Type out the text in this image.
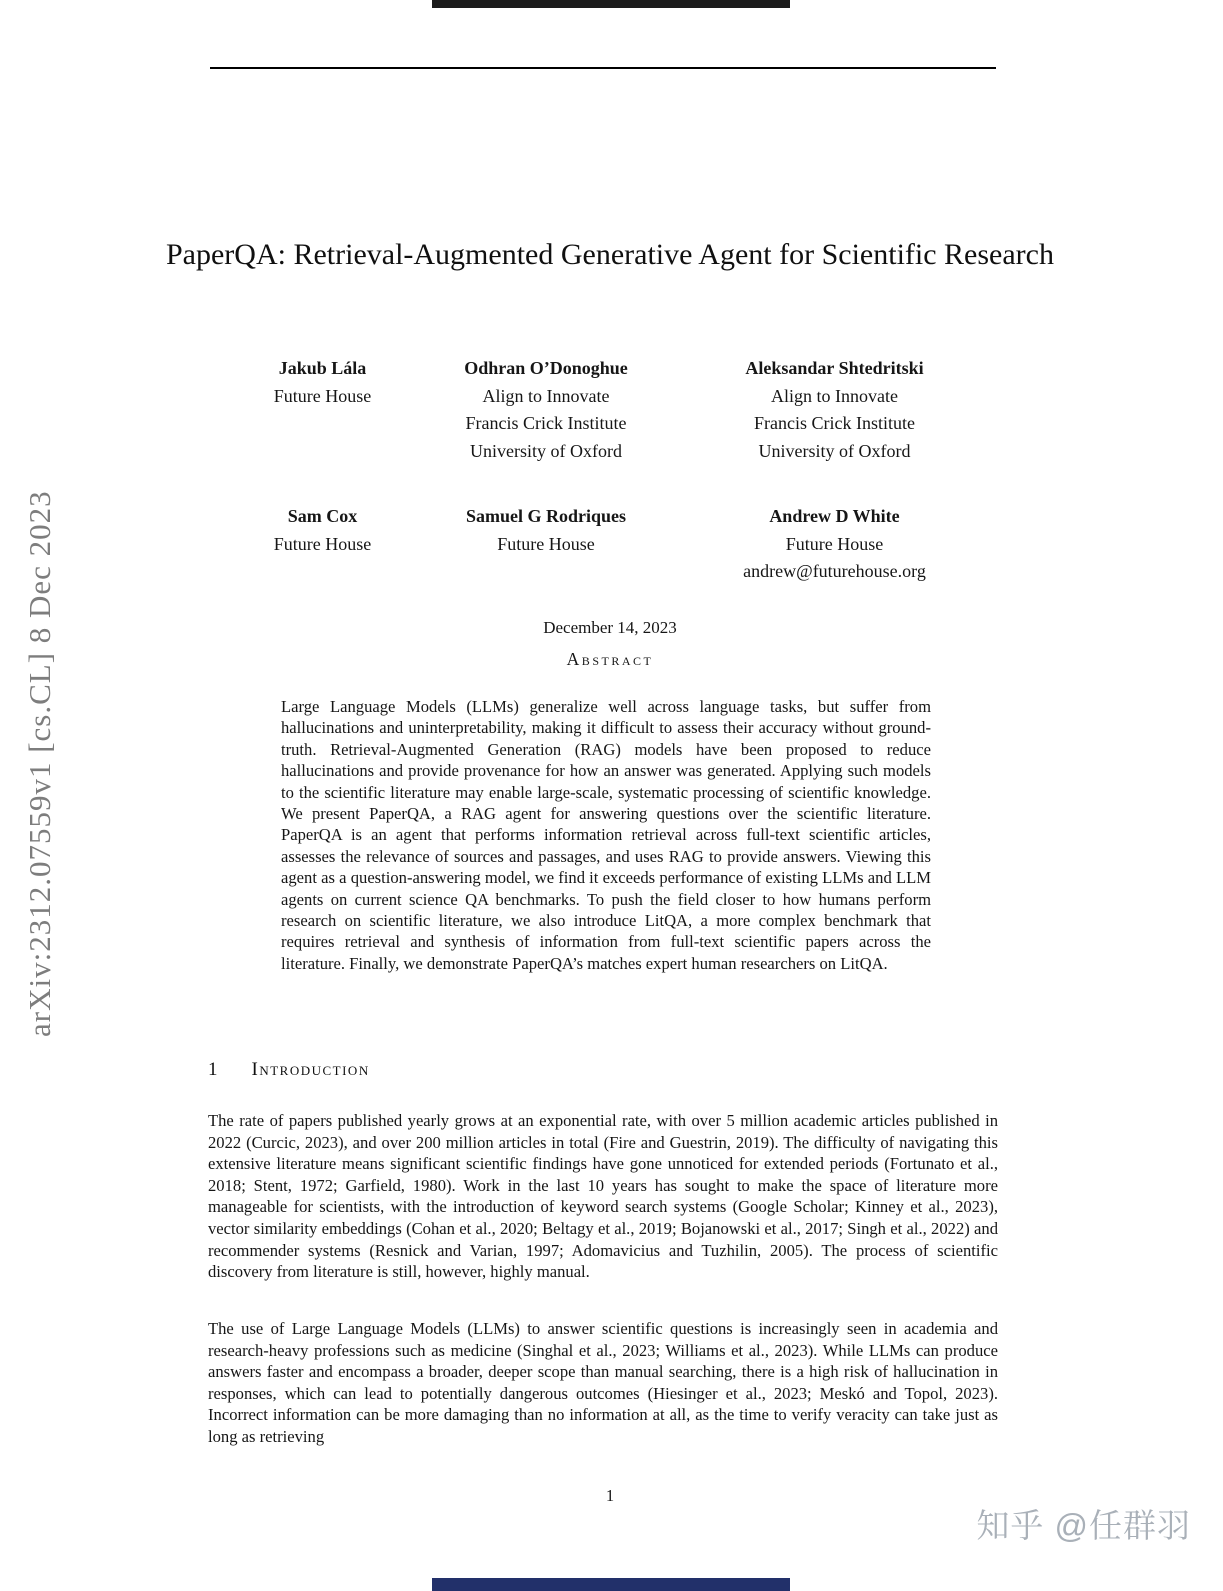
arXiv:2312.07559v1 [cs.CL] 8 Dec 2023
PaperQA: Retrieval-Augmented Generative Agent for Scientific Research
Jakub Lála
Future House
Odhran O’Donoghue
Align to Innovate
Francis Crick Institute
University of Oxford
Aleksandar Shtedritski
Align to Innovate
Francis Crick Institute
University of Oxford
Sam Cox
Future House
Samuel G Rodriques
Future House
Andrew D White
Future House
andrew@futurehouse.org
December 14, 2023
Abstract
Large Language Models (LLMs) generalize well across language tasks, but suffer from hallucinations and uninterpretability, making it difficult to assess their accuracy without ground-truth. Retrieval-Augmented Generation (RAG) models have been proposed to reduce hallucinations and provide provenance for how an answer was generated. Applying such models to the scientific literature may enable large-scale, systematic processing of scientific knowledge. We present PaperQA, a RAG agent for answering questions over the scientific literature. PaperQA is an agent that performs information retrieval across full-text scientific articles, assesses the relevance of sources and passages, and uses RAG to provide answers. Viewing this agent as a question-answering model, we find it exceeds performance of existing LLMs and LLM agents on current science QA benchmarks. To push the field closer to how humans perform research on scientific literature, we also introduce LitQA, a more complex benchmark that requires retrieval and synthesis of information from full-text scientific papers across the literature. Finally, we demonstrate PaperQA’s matches expert human researchers on LitQA.
1 Introduction
The rate of papers published yearly grows at an exponential rate, with over 5 million academic articles published in 2022 (Curcic, 2023), and over 200 million articles in total (Fire and Guestrin, 2019). The difficulty of navigating this extensive literature means significant scientific findings have gone unnoticed for extended periods (Fortunato et al., 2018; Stent, 1972; Garfield, 1980). Work in the last 10 years has sought to make the space of literature more manageable for scientists, with the introduction of keyword search systems (Google Scholar; Kinney et al., 2023), vector similarity embeddings (Cohan et al., 2020; Beltagy et al., 2019; Bojanowski et al., 2017; Singh et al., 2022) and recommender systems (Resnick and Varian, 1997; Adomavicius and Tuzhilin, 2005). The process of scientific discovery from literature is still, however, highly manual.
The use of Large Language Models (LLMs) to answer scientific questions is increasingly seen in academia and research-heavy professions such as medicine (Singhal et al., 2023; Williams et al., 2023). While LLMs can produce answers faster and encompass a broader, deeper scope than manual searching, there is a high risk of hallucination in responses, which can lead to potentially dangerous outcomes (Hiesinger et al., 2023; Meskó and Topol, 2023). Incorrect information can be more damaging than no information at all, as the time to verify veracity can take just as long as retrieving
1
知乎 @任群羽
